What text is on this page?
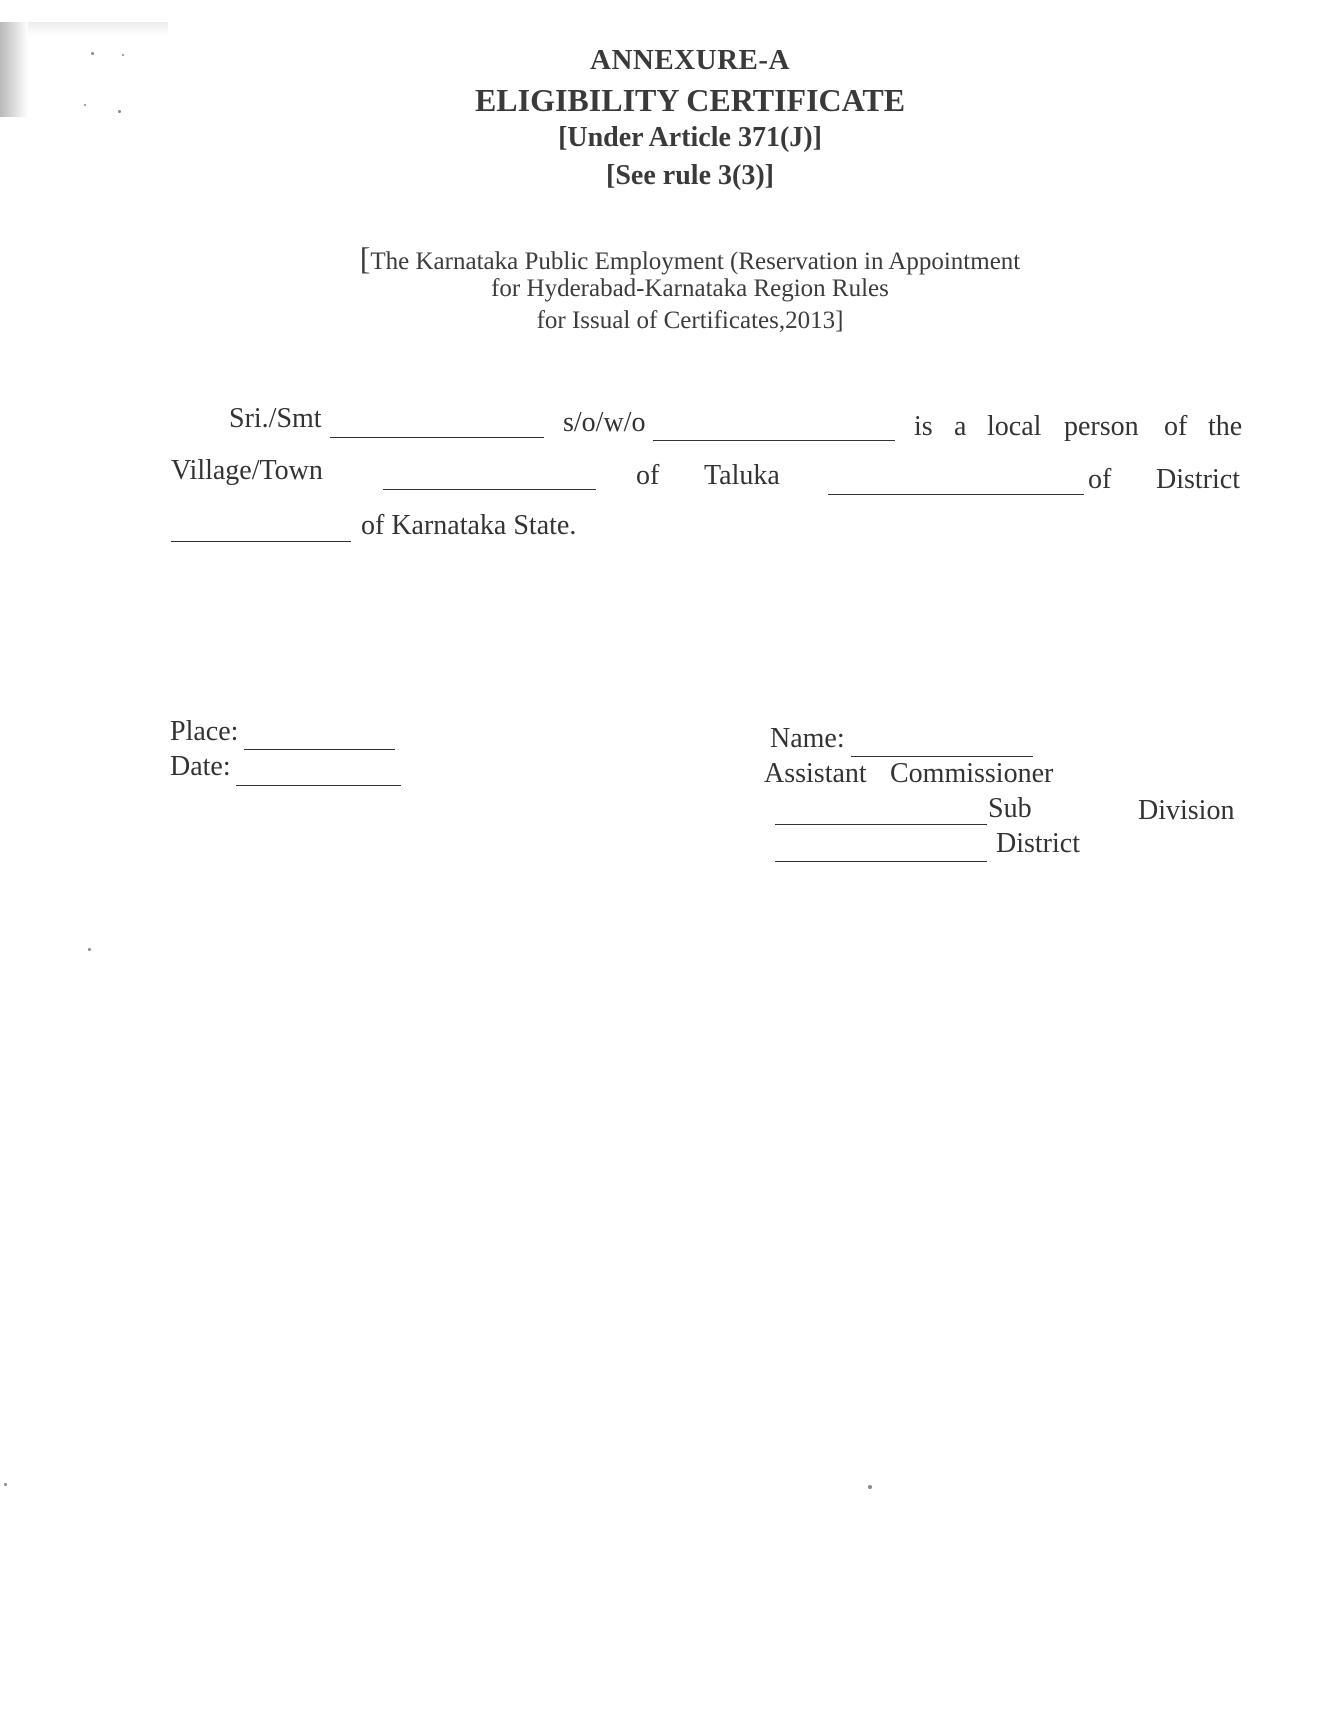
ANNEXURE-A
ELIGIBILITY CERTIFICATE
[Under Article 371(J)]
[See rule 3(3)]
[The Karnataka Public Employment (Reservation in Appointment
for Hyderabad-Karnataka Region Rules
for Issual of Certificates,2013]
Sri./Smt	s/o/w/o	is a local person of the
Village/Town	of Taluka	of District
of Karnataka State.
Place:
Date:
Name:
Assistant Commissioner
Sub	Division
District
